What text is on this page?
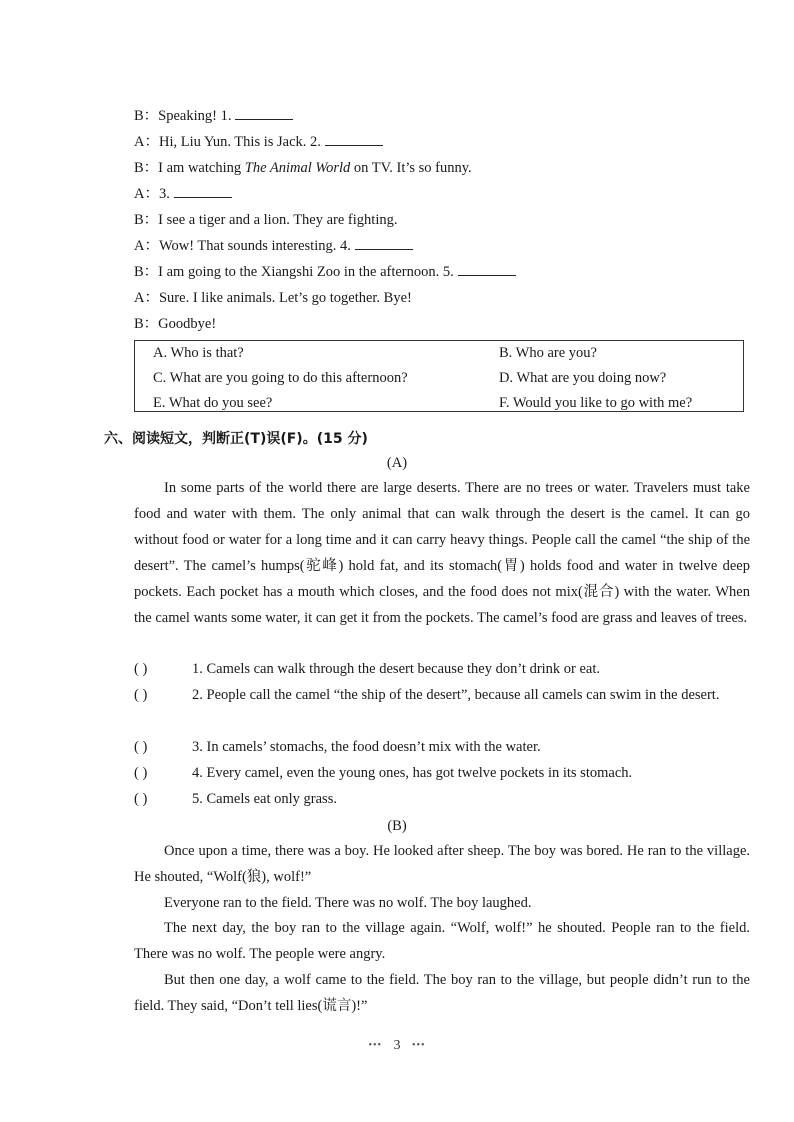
B：Speaking! 1.
A：Hi, Liu Yun. This is Jack. 2.
B：I am watching The Animal World on TV. It’s so funny.
A：3.
B：I see a tiger and a lion. They are fighting.
A：Wow! That sounds interesting. 4.
B：I am going to the Xiangshi Zoo in the afternoon. 5.
A：Sure. I like animals. Let’s go together. Bye!
B：Goodbye!
A. Who is that?	B. Who are you?
C. What are you going to do this afternoon?	D. What are you doing now?
E. What do you see?	F. Would you like to go with me?
六、阅读短文，判断正(T)误(F)。(15 分)
(A)

In some parts of the world there are large deserts. There are no trees or water. Travelers must take food and water with them. The only animal that can walk through the desert is the camel. It can go without food or water for a long time and it can carry heavy things. People call the camel “the ship of the desert”. The camel’s humps(驼峰) hold fat, and its stomach(胃) holds food and water in twelve deep pockets. Each pocket has a mouth which closes, and the food does not mix(混合) with the water. When the camel wants some water, it can get it from the pockets. The camel’s food are grass and leaves of trees.

( )	1. Camels can walk through the desert because they don’t drink or eat.
( )	2. People call the camel “the ship of the desert”, because all camels can swim in the desert.
( )	3. In camels’ stomachs, the food doesn’t mix with the water.
( )	4. Every camel, even the young ones, has got twelve pockets in its stomach.
( )	5. Camels eat only grass.
(B)

Once upon a time, there was a boy. He looked after sheep. The boy was bored. He ran to the village. He shouted, “Wolf(狼), wolf!”

Everyone ran to the field. There was no wolf. The boy laughed.

The next day, the boy ran to the village again. “Wolf, wolf!” he shouted. People ran to the field. There was no wolf. The people were angry.

But then one day, a wolf came to the field. The boy ran to the village, but people didn’t run to the field. They said, “Don’t tell lies(谎言)!”

••• 3 •••
